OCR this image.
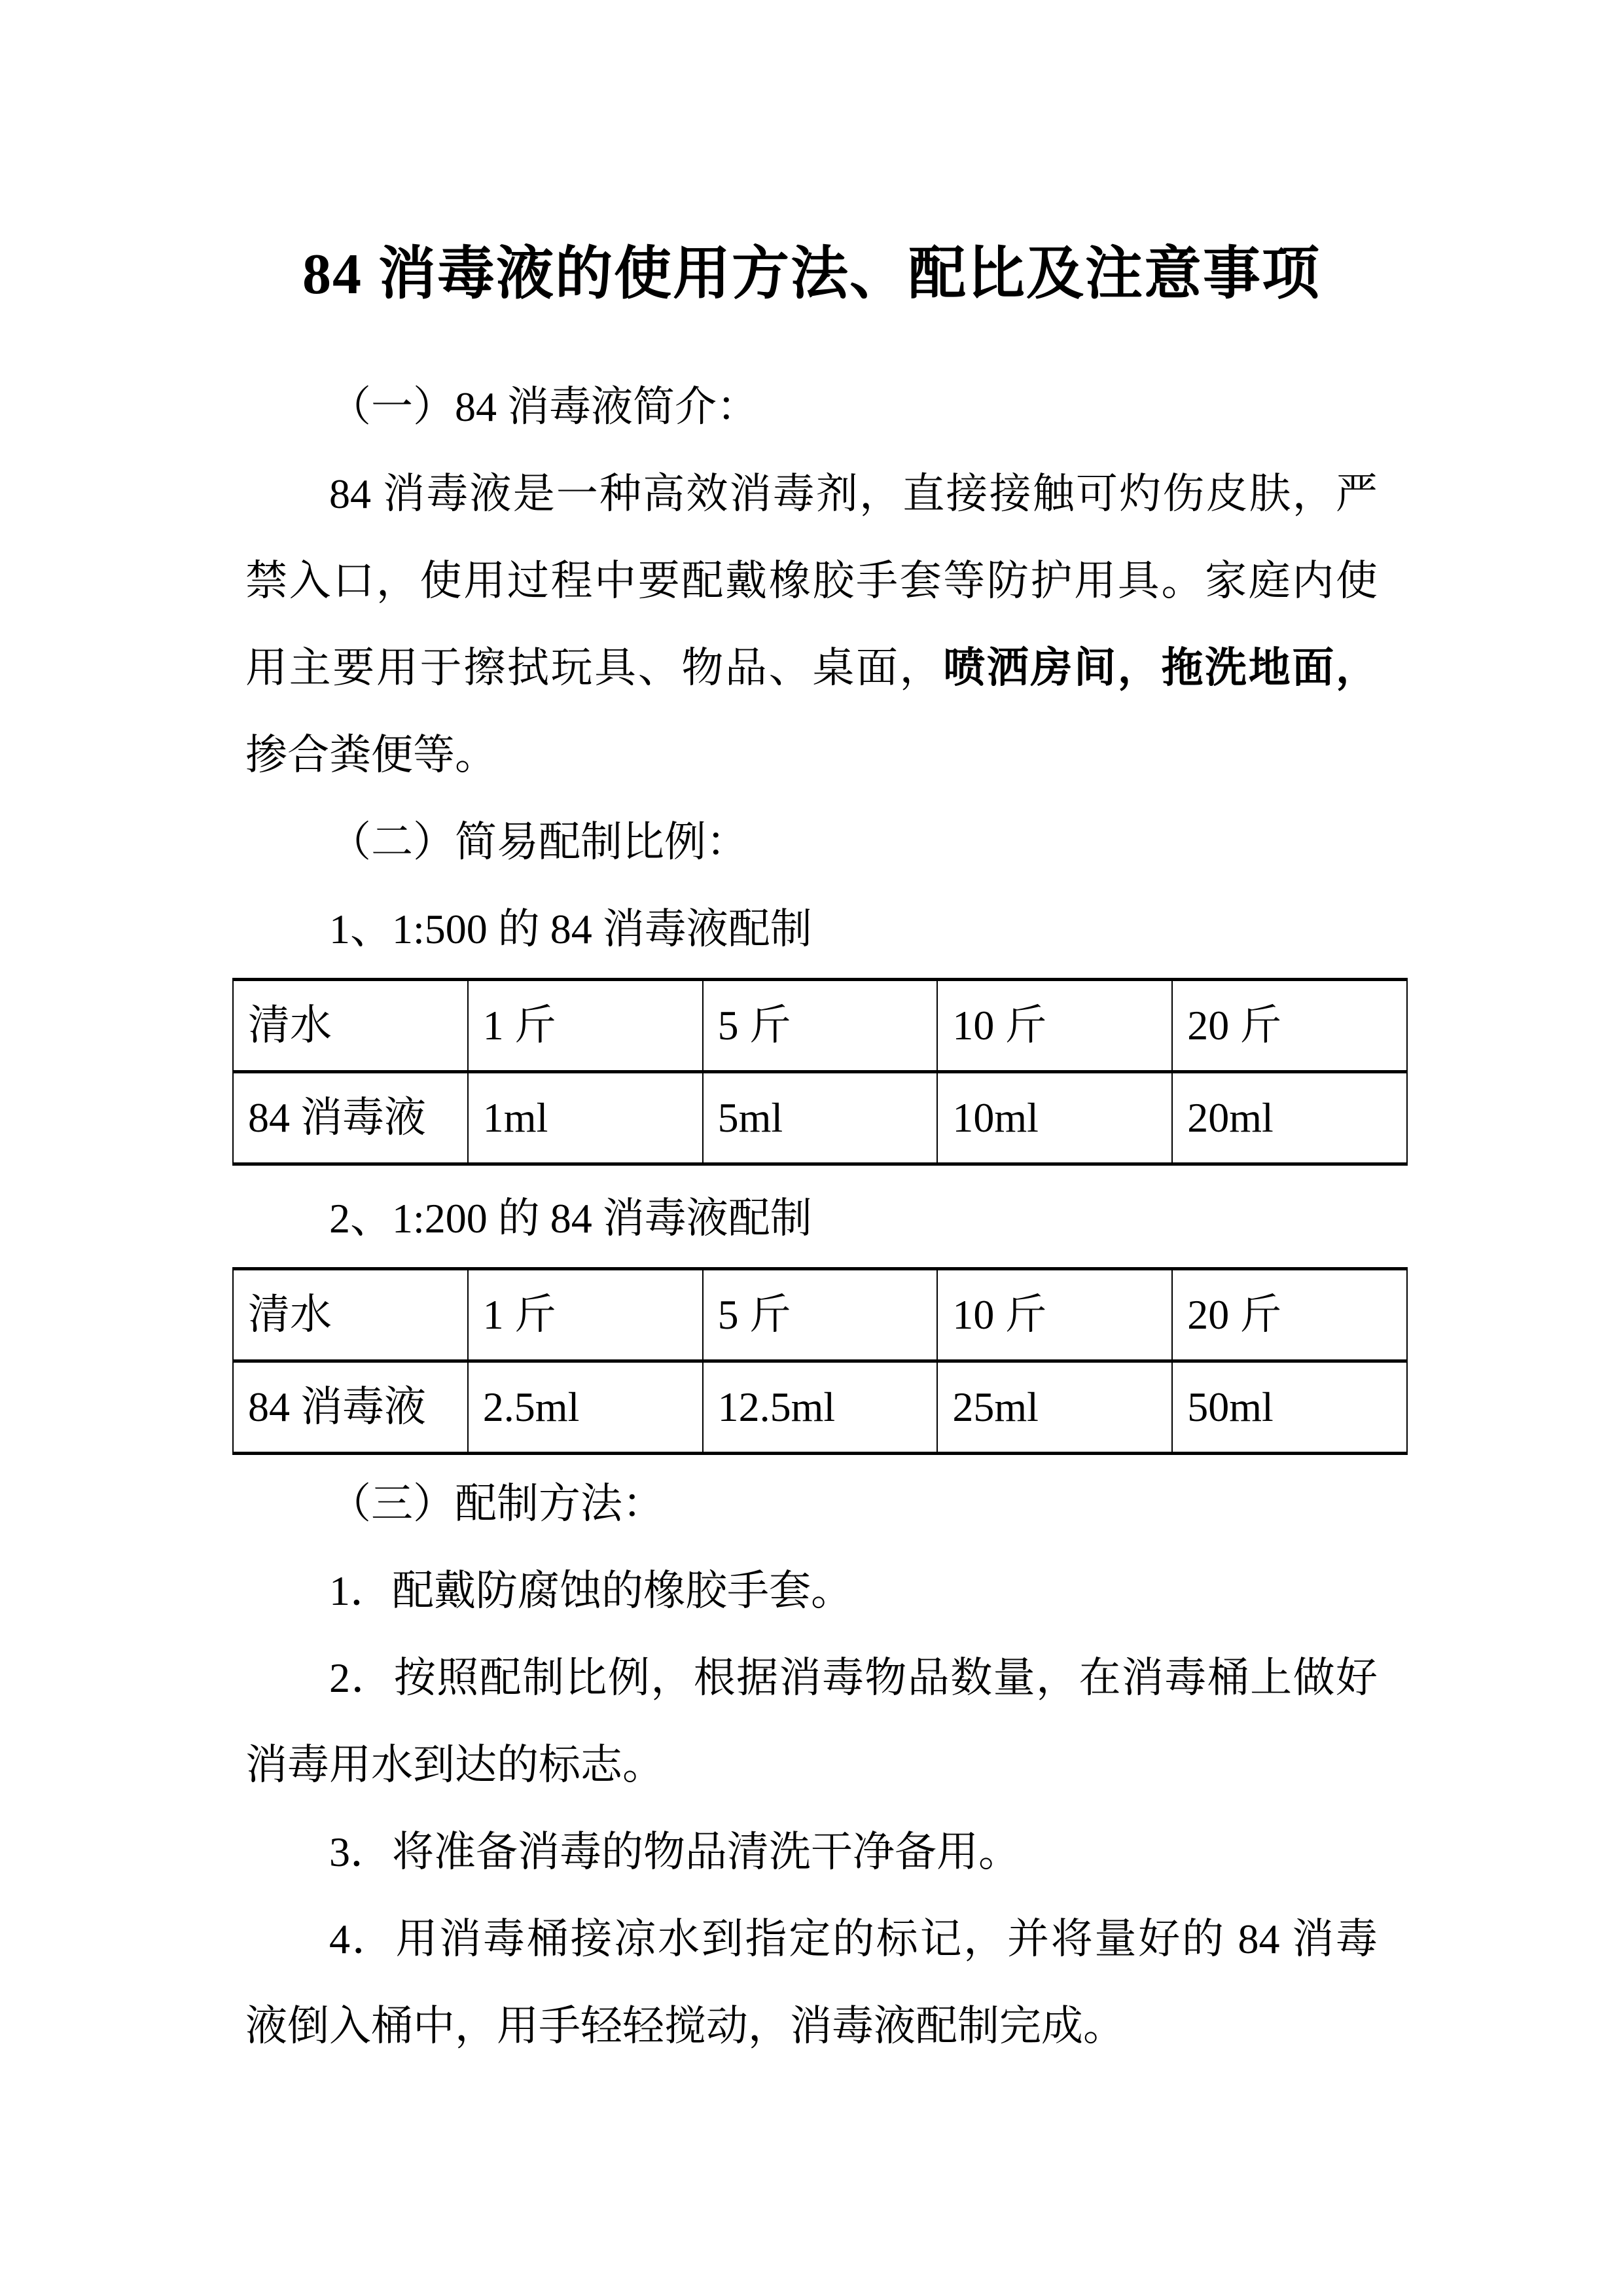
84 消毒液的使用方法、配比及注意事项
（一）84 消毒液简介：
84 消毒液是一种高效消毒剂，直接接触可灼伤皮肤，严
禁入口，使用过程中要配戴橡胶手套等防护用具。家庭内使
用主要用于擦拭玩具、物品、桌面，喷洒房间，拖洗地面，
掺合粪便等。
（二）简易配制比例：
1、1:500 的 84 消毒液配制
清水	1 斤	5 斤	10 斤	20 斤
84 消毒液	1ml	5ml	10ml	20ml
2、1:200 的 84 消毒液配制
清水	1 斤	5 斤	10 斤	20 斤
84 消毒液	2.5ml	12.5ml	25ml	50ml
（三）配制方法：
1．配戴防腐蚀的橡胶手套。
2．按照配制比例，根据消毒物品数量，在消毒桶上做好
消毒用水到达的标志。
3．将准备消毒的物品清洗干净备用。
4．用消毒桶接凉水到指定的标记，并将量好的 84 消毒
液倒入桶中，用手轻轻搅动，消毒液配制完成。
